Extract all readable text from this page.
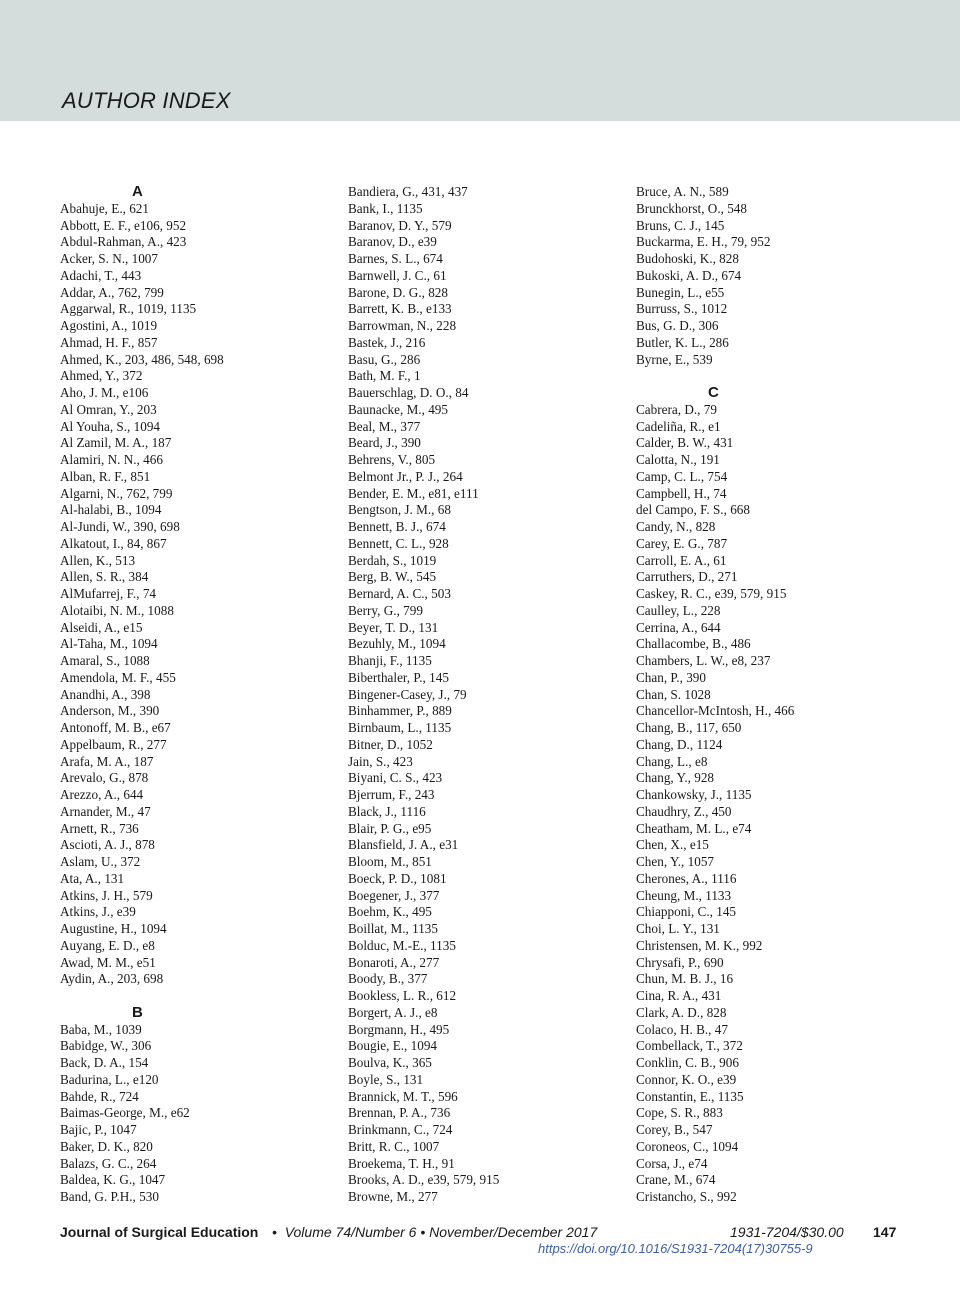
AUTHOR INDEX
A
Abahuje, E., 621
Abbott, E. F., e106, 952
Abdul-Rahman, A., 423
Acker, S. N., 1007
Adachi, T., 443
Addar, A., 762, 799
Aggarwal, R., 1019, 1135
Agostini, A., 1019
Ahmad, H. F., 857
Ahmed, K., 203, 486, 548, 698
Ahmed, Y., 372
Aho, J. M., e106
Al Omran, Y., 203
Al Youha, S., 1094
Al Zamil, M. A., 187
Alamiri, N. N., 466
Alban, R. F., 851
Algarni, N., 762, 799
Al-halabi, B., 1094
Al-Jundi, W., 390, 698
Alkatout, I., 84, 867
Allen, K., 513
Allen, S. R., 384
AlMufarrej, F., 74
Alotaibi, N. M., 1088
Alseidi, A., e15
Al-Taha, M., 1094
Amaral, S., 1088
Amendola, M. F., 455
Anandhi, A., 398
Anderson, M., 390
Antonoff, M. B., e67
Appelbaum, R., 277
Arafa, M. A., 187
Arevalo, G., 878
Arezzo, A., 644
Arnander, M., 47
Arnett, R., 736
Ascioti, A. J., 878
Aslam, U., 372
Ata, A., 131
Atkins, J. H., 579
Atkins, J., e39
Augustine, H., 1094
Auyang, E. D., e8
Awad, M. M., e51
Aydin, A., 203, 698
B
Baba, M., 1039
Babidge, W., 306
Back, D. A., 154
Badurina, L., e120
Bahde, R., 724
Baimas-George, M., e62
Bajic, P., 1047
Baker, D. K., 820
Balazs, G. C., 264
Baldea, K. G., 1047
Band, G. P.H., 530
Bandiera, G., 431, 437
Bank, I., 1135
Baranov, D. Y., 579
Baranov, D., e39
Barnes, S. L., 674
Barnwell, J. C., 61
Barone, D. G., 828
Barrett, K. B., e133
Barrowman, N., 228
Bastek, J., 216
Basu, G., 286
Bath, M. F., 1
Bauerschlag, D. O., 84
Baunacke, M., 495
Beal, M., 377
Beard, J., 390
Behrens, V., 805
Belmont Jr., P. J., 264
Bender, E. M., e81, e111
Bengtson, J. M., 68
Bennett, B. J., 674
Bennett, C. L., 928
Berdah, S., 1019
Berg, B. W., 545
Bernard, A. C., 503
Berry, G., 799
Beyer, T. D., 131
Bezuhly, M., 1094
Bhanji, F., 1135
Biberthaler, P., 145
Bingener-Casey, J., 79
Binhammer, P., 889
Birnbaum, L., 1135
Bitner, D., 1052
Jain, S., 423
Biyani, C. S., 423
Bjerrum, F., 243
Black, J., 1116
Blair, P. G., e95
Blansfield, J. A., e31
Bloom, M., 851
Boeck, P. D., 1081
Boegener, J., 377
Boehm, K., 495
Boillat, M., 1135
Bolduc, M.-E., 1135
Bonaroti, A., 277
Boody, B., 377
Bookless, L. R., 612
Borgert, A. J., e8
Borgmann, H., 495
Bougie, E., 1094
Boulva, K., 365
Boyle, S., 131
Brannick, M. T., 596
Brennan, P. A., 736
Brinkmann, C., 724
Britt, R. C., 1007
Broekema, T. H., 91
Brooks, A. D., e39, 579, 915
Browne, M., 277
Bruce, A. N., 589
Brunckhorst, O., 548
Bruns, C. J., 145
Buckarma, E. H., 79, 952
Budohoski, K., 828
Bukoski, A. D., 674
Bunegin, L., e55
Burruss, S., 1012
Bus, G. D., 306
Butler, K. L., 286
Byrne, E., 539
C
Cabrera, D., 79
Cadeliña, R., e1
Calder, B. W., 431
Calotta, N., 191
Camp, C. L., 754
Campbell, H., 74
del Campo, F. S., 668
Candy, N., 828
Carey, E. G., 787
Carroll, E. A., 61
Carruthers, D., 271
Caskey, R. C., e39, 579, 915
Caulley, L., 228
Cerrina, A., 644
Challacombe, B., 486
Chambers, L. W., e8, 237
Chan, P., 390
Chan, S. 1028
Chancellor-McIntosh, H., 466
Chang, B., 117, 650
Chang, D., 1124
Chang, L., e8
Chang, Y., 928
Chankowsky, J., 1135
Chaudhry, Z., 450
Cheatham, M. L., e74
Chen, X., e15
Chen, Y., 1057
Cherones, A., 1116
Cheung, M., 1133
Chiapponi, C., 145
Choi, L. Y., 131
Christensen, M. K., 992
Chrysafi, P., 690
Chun, M. B. J., 16
Cina, R. A., 431
Clark, A. D., 828
Colaco, H. B., 47
Combellack, T., 372
Conklin, C. B., 906
Connor, K. O., e39
Constantin, E., 1135
Cope, S. R., 883
Corey, B., 547
Coroneos, C., 1094
Corsa, J., e74
Crane, M., 674
Cristancho, S., 992
Journal of Surgical Education • Volume 74/Number 6 • November/December 2017	1931-7204/$30.00 147
https://doi.org/10.1016/S1931-7204(17)30755-9
